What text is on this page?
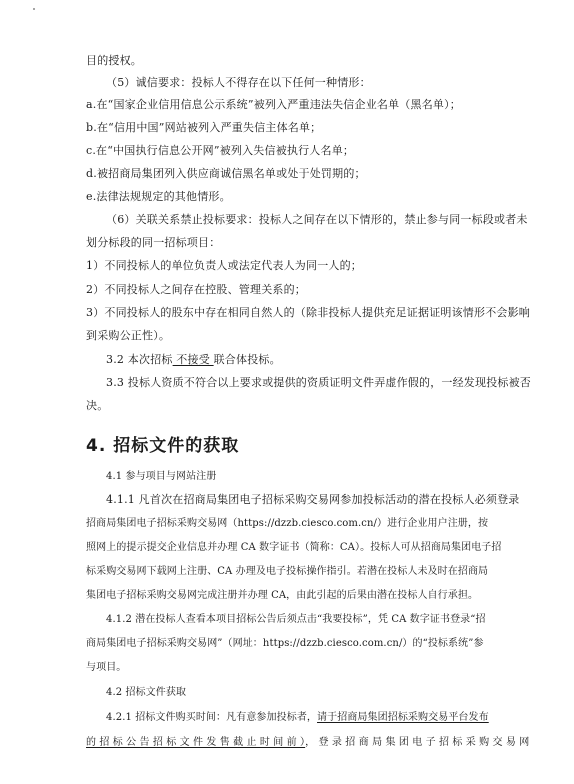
目的授权。
（5）诚信要求：投标人不得存在以下任何一种情形：
a.在“国家企业信用信息公示系统”被列入严重违法失信企业名单（黑名单）；
b.在“信用中国”网站被列入严重失信主体名单；
c.在“中国执行信息公开网”被列入失信被执行人名单；
d.被招商局集团列入供应商诚信黑名单或处于处罚期的；
e.法律法规规定的其他情形。
（6）关联关系禁止投标要求：投标人之间存在以下情形的，禁止参与同一标段或者未
划分标段的同一招标项目：
1）不同投标人的单位负责人或法定代表人为同一人的；
2）不同投标人之间存在控股、管理关系的；
3）不同投标人的股东中存在相同自然人的（除非投标人提供充足证据证明该情形不会影响
到采购公正性）。
3.2 本次招标 不接受 联合体投标。
3.3 投标人资质不符合以上要求或提供的资质证明文件弄虚作假的，一经发现投标被否
决。
4. 招标文件的获取
4.1 参与项目与网站注册
4.1.1 凡首次在招商局集团电子招标采购交易网参加投标活动的潜在投标人必须登录
招商局集团电子招标采购交易网（https://dzzb.ciesco.com.cn/）进行企业用户注册，按
照网上的提示提交企业信息并办理 CA 数字证书（简称：CA）。投标人可从招商局集团电子招
标采购交易网下载网上注册、CA 办理及电子投标操作指引。若潜在投标人未及时在招商局
集团电子招标采购交易网完成注册并办理 CA，由此引起的后果由潜在投标人自行承担。
4.1.2 潜在投标人查看本项目招标公告后须点击“我要投标”，凭 CA 数字证书登录“招
商局集团电子招标采购交易网”（网址：https://dzzb.ciesco.com.cn/）的“投标系统”参
与项目。
4.2 招标文件获取
4.2.1 招标文件购买时间：凡有意参加投标者，请于招商局集团招标采购交易平台发布
的 招 标 公 告 招 标 文 件 发 售 截 止 时 间 前 ）， 登 录 招 商 局 集 团 电 子 招 标 采 购 交 易 网
